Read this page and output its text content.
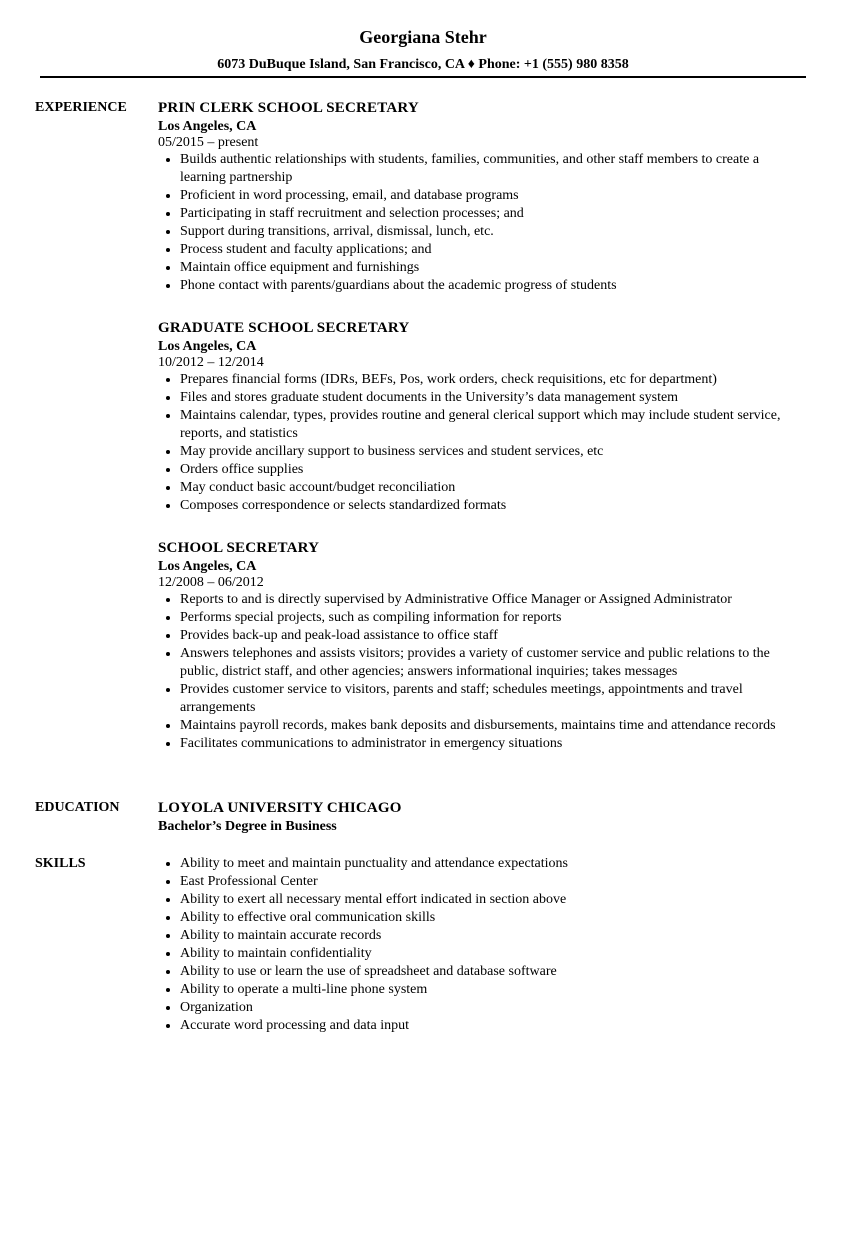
Georgiana Stehr
6073 DuBuque Island, San Francisco, CA ♦ Phone: +1 (555) 980 8358
EXPERIENCE PRIN CLERK SCHOOL SECRETARY
Los Angeles, CA
05/2015 – present
Builds authentic relationships with students, families, communities, and other staff members to create a learning partnership
Proficient in word processing, email, and database programs
Participating in staff recruitment and selection processes; and
Support during transitions, arrival, dismissal, lunch, etc.
Process student and faculty applications; and
Maintain office equipment and furnishings
Phone contact with parents/guardians about the academic progress of students
GRADUATE SCHOOL SECRETARY
Los Angeles, CA
10/2012 – 12/2014
Prepares financial forms (IDRs, BEFs, Pos, work orders, check requisitions, etc for department)
Files and stores graduate student documents in the University’s data management system
Maintains calendar, types, provides routine and general clerical support which may include student service, reports, and statistics
May provide ancillary support to business services and student services, etc
Orders office supplies
May conduct basic account/budget reconciliation
Composes correspondence or selects standardized formats
SCHOOL SECRETARY
Los Angeles, CA
12/2008 – 06/2012
Reports to and is directly supervised by Administrative Office Manager or Assigned Administrator
Performs special projects, such as compiling information for reports
Provides back-up and peak-load assistance to office staff
Answers telephones and assists visitors; provides a variety of customer service and public relations to the public, district staff, and other agencies; answers informational inquiries; takes messages
Provides customer service to visitors, parents and staff; schedules meetings, appointments and travel arrangements
Maintains payroll records, makes bank deposits and disbursements, maintains time and attendance records
Facilitates communications to administrator in emergency situations
EDUCATION	LOYOLA UNIVERSITY CHICAGO
Bachelor’s Degree in Business
SKILLS	Ability to meet and maintain punctuality and attendance expectations
East Professional Center
Ability to exert all necessary mental effort indicated in section above
Ability to effective oral communication skills
Ability to maintain accurate records
Ability to maintain confidentiality
Ability to use or learn the use of spreadsheet and database software
Ability to operate a multi-line phone system
Organization
Accurate word processing and data input
